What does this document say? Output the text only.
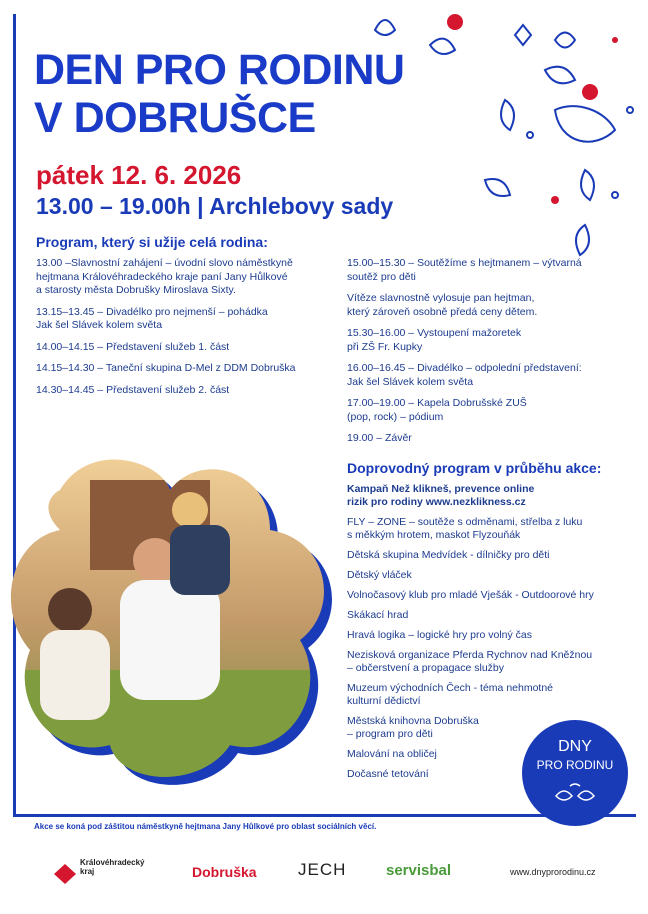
DEN PRO RODINU
V DOBRUŠCE
pátek 12. 6. 2026
13.00 – 19.00h | Archlebovy sady
Program, který si užije celá rodina:
13.00 –Slavnostní zahájení – úvodní slovo náměstkyně
hejtmana Královéhradeckého kraje paní Jany Hůlkové
a starosty města Dobrušky Miroslava Sixty.
13.15–13.45 – Divadélko pro nejmenší – pohádka
Jak šel Slávek kolem světa
14.00–14.15 – Představení služeb 1. část
14.15–14.30 – Taneční skupina D-Mel z DDM Dobruška
14.30–14.45 – Představení služeb 2. část
15.00–15.30 – Soutěžíme s hejtmanem – výtvarná
soutěž pro děti
Vítěze slavnostně vylosuje pan hejtman,
který zároveň osobně předá ceny dětem.
15.30–16.00 – Vystoupení mažoretek
při ZŠ Fr. Kupky
16.00–16.45 – Divadélko – odpolední představení:
Jak šel Slávek kolem světa
17.00–19.00 – Kapela Dobrušské ZUŠ
(pop, rock) – pódium
19.00 – Závěr
Doprovodný program v průběhu akce:
Kampaň Než klikneš, prevence online
rizik pro rodiny www.nezklikness.cz
FLY – ZONE – soutěže s odměnami, střelba z luku
s měkkým hrotem, maskot Flyzouňák
Dětská skupina Medvídek - dílničky pro děti
Dětský vláček
Volnočasový klub pro mladé Vješák - Outdoorové hry
Skákací hrad
Hravá logika – logické hry pro volný čas
Nezisková organizace Pferda Rychnov nad Kněžnou
– občerstvení a propagace služby
Muzeum východních Čech - téma nehmotné
kulturní dědictví
Městská knihovna Dobruška
– program pro děti
Malování na obličej
Dočasné tetování
DNY
PRO RODINU
Akce se koná pod záštitou náměstkyně hejtmana Jany Hůlkové pro oblast sociálních věcí.
Královéhradecký
kraj	Dobruška JECH	servisbal	www.dnyprorodinu.cz
